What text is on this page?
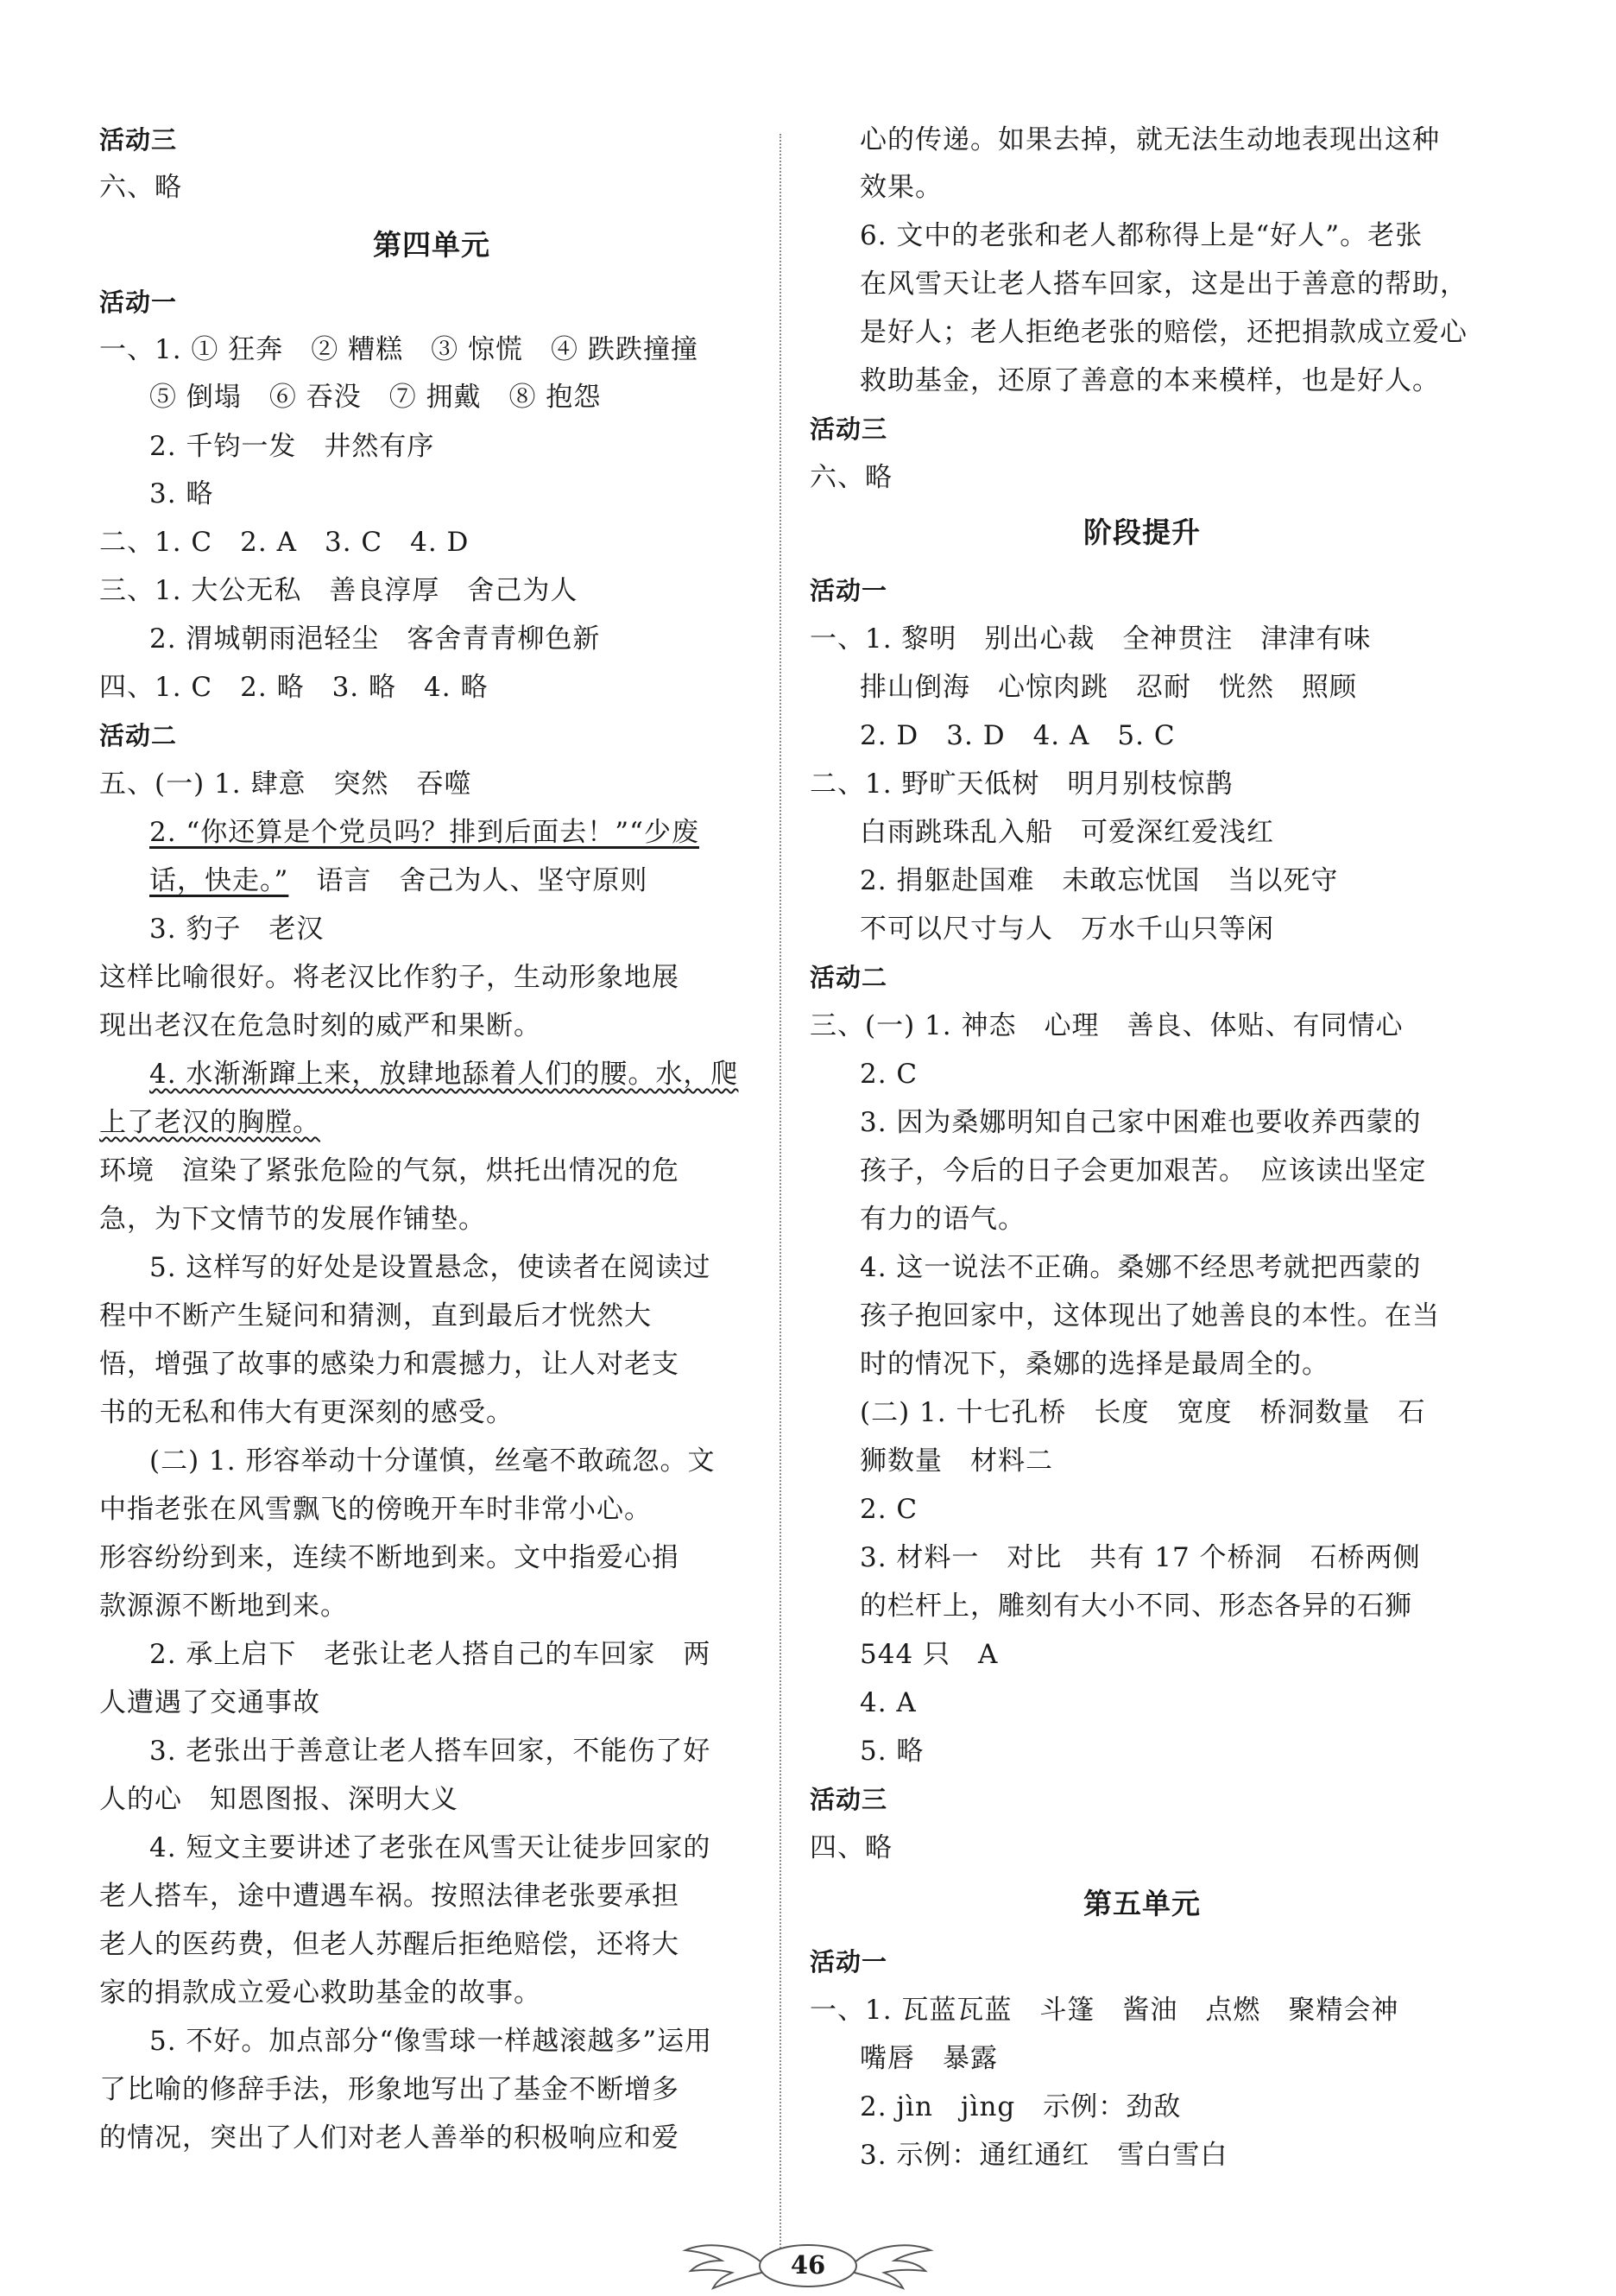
活动三
六、略
第四单元
活动一
一、1. ① 狂奔　② 糟糕　③ 惊慌　④ 跌跌撞撞
⑤ 倒塌　⑥ 吞没　⑦ 拥戴　⑧ 抱怨
2. 千钧一发　井然有序
3. 略
二、1. C　2. A　3. C　4. D
三、1. 大公无私　善良淳厚　舍己为人
2. 渭城朝雨浥轻尘　客舍青青柳色新
四、1. C　2. 略　3. 略　4. 略
活动二
五、(一) 1. 肆意　突然　吞噬
2. “你还算是个党员吗？排到后面去！”“少废
话，快走。”　语言　舍己为人、坚守原则
3. 豹子　老汉
这样比喻很好。将老汉比作豹子，生动形象地展
现出老汉在危急时刻的威严和果断。
4. 水渐渐蹿上来，放肆地舔着人们的腰。水，爬
上了老汉的胸膛。
环境　渲染了紧张危险的气氛，烘托出情况的危
急，为下文情节的发展作铺垫。
5. 这样写的好处是设置悬念，使读者在阅读过
程中不断产生疑问和猜测，直到最后才恍然大
悟，增强了故事的感染力和震撼力，让人对老支
书的无私和伟大有更深刻的感受。
(二) 1. 形容举动十分谨慎，丝毫不敢疏忽。文
中指老张在风雪飘飞的傍晚开车时非常小心。
形容纷纷到来，连续不断地到来。文中指爱心捐
款源源不断地到来。
2. 承上启下　老张让老人搭自己的车回家　两
人遭遇了交通事故
3. 老张出于善意让老人搭车回家，不能伤了好
人的心　知恩图报、深明大义
4. 短文主要讲述了老张在风雪天让徒步回家的
老人搭车，途中遭遇车祸。按照法律老张要承担
老人的医药费，但老人苏醒后拒绝赔偿，还将大
家的捐款成立爱心救助基金的故事。
5. 不好。加点部分“像雪球一样越滚越多”运用
了比喻的修辞手法，形象地写出了基金不断增多
的情况，突出了人们对老人善举的积极响应和爱
心的传递。如果去掉，就无法生动地表现出这种
效果。
6. 文中的老张和老人都称得上是“好人”。老张
在风雪天让老人搭车回家，这是出于善意的帮助，
是好人；老人拒绝老张的赔偿，还把捐款成立爱心
救助基金，还原了善意的本来模样，也是好人。
活动三
六、略
阶段提升
活动一
一、1. 黎明　别出心裁　全神贯注　津津有味
排山倒海　心惊肉跳　忍耐　恍然　照顾
2. D　3. D　4. A　5. C
二、1. 野旷天低树　明月别枝惊鹊
白雨跳珠乱入船　可爱深红爱浅红
2. 捐躯赴国难　未敢忘忧国　当以死守
不可以尺寸与人　万水千山只等闲
活动二
三、(一) 1. 神态　心理　善良、体贴、有同情心
2. C
3. 因为桑娜明知自己家中困难也要收养西蒙的
孩子，今后的日子会更加艰苦。　应该读出坚定
有力的语气。
4. 这一说法不正确。桑娜不经思考就把西蒙的
孩子抱回家中，这体现出了她善良的本性。在当
时的情况下，桑娜的选择是最周全的。
(二) 1. 十七孔桥　长度　宽度　桥洞数量　石
狮数量　材料二
2. C
3. 材料一　对比　共有 17 个桥洞　石桥两侧
的栏杆上，雕刻有大小不同、形态各异的石狮
544 只　A
4. A
5. 略
活动三
四、略
第五单元
活动一
一、1. 瓦蓝瓦蓝　斗篷　酱油　点燃　聚精会神
嘴唇　暴露
2. jìn　jìng　示例：劲敌
3. 示例：通红通红　雪白雪白
46
